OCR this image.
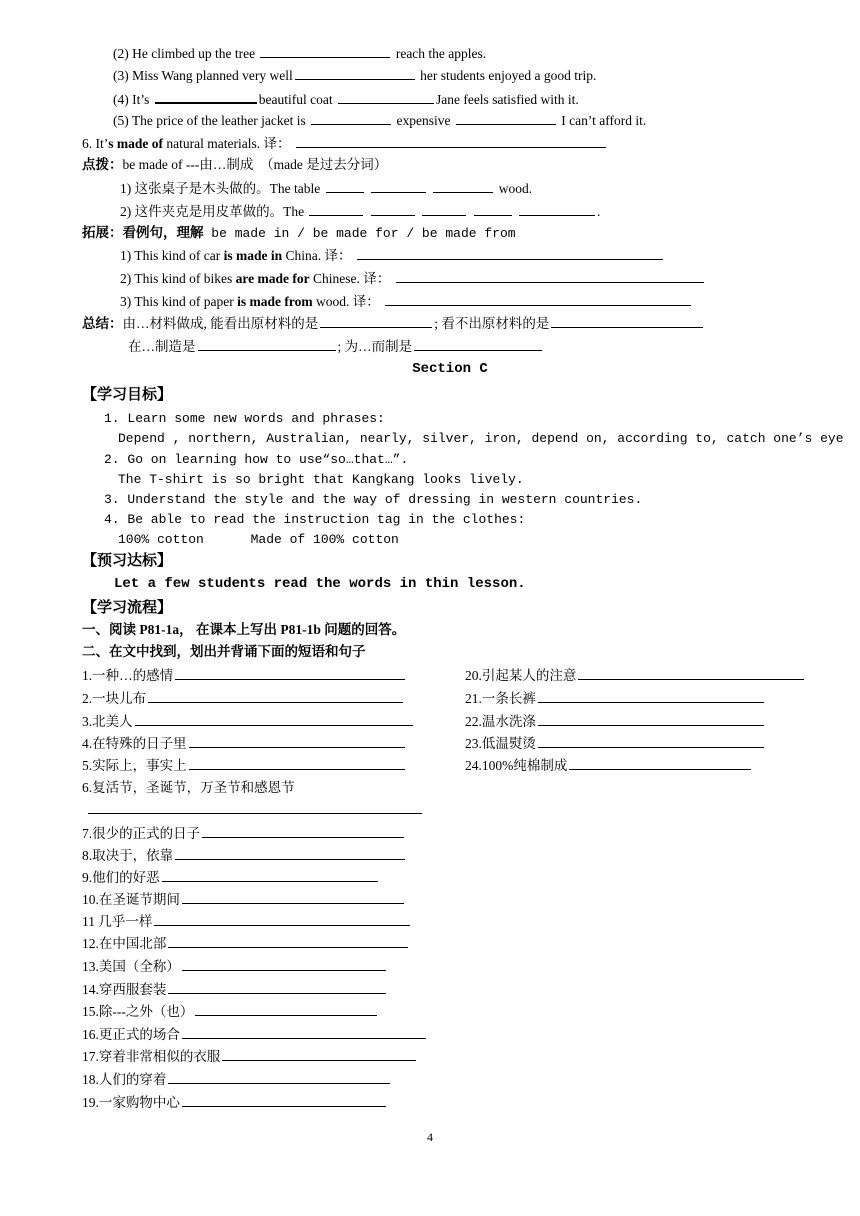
(2) He climbed up the tree	reach the apples.
(3) Miss Wang planned very well	her students enjoyed a good trip.
(4) It’s	beautiful coat	Jane feels satisfied with it.
(5) The price of the leather jacket is	expensive	I can’t afford it.
6. It’s made of natural materials. 译：
点拨：be made of ---由…制成　（made 是过去分词）
1) 这张桌子是木头做的。The table	wood.
2) 这件夹克是用皮革做的。The	.
拓展：看例句，理解 be made in / be made for / be made from
1) This kind of car is made in China. 译：
2) This kind of bikes are made for Chinese. 译：
3) This kind of paper is made from wood. 译：
总结：由…材料做成, 能看出原材料的是	; 看不出原材料的是
在…制造是	; 为…而制是
Section C
【学习目标】
1. Learn some new words and phrases:
Depend , northern, Australian, nearly, silver, iron, depend on, according to, catch one’s eye
2. Go on learning how to use“so…that…”.
The T-shirt is so bright that Kangkang looks lively.
3. Understand the style and the way of dressing in western countries.
4. Be able to read the instruction tag in the clothes:
100% cotton      Made of 100% cotton
【预习达标】
Let a few students read the words in thin lesson.
【学习流程】
一、阅读 P81-1a， 在课本上写出 P81-1b 问题的回答。
二、在文中找到，划出并背诵下面的短语和句子
1.一种…的感情
2.一块儿布
3.北美人
4.在特殊的日子里
5.实际上，事实上
6.复活节，圣诞节，万圣节和感恩节
7.很少的正式的日子
8.取决于，依靠
9.他们的好恶
10.在圣诞节期间
11 几乎一样
12.在中国北部
13.美国（全称）
14.穿西服套装
15.除---之外（也）
16.更正式的场合
17.穿着非常相似的衣服
18.人们的穿着
19.一家购物中心
20.引起某人的注意
21.一条长裤
22.温水洗涤
23.低温熨烫
24.100%纯棉制成
4
